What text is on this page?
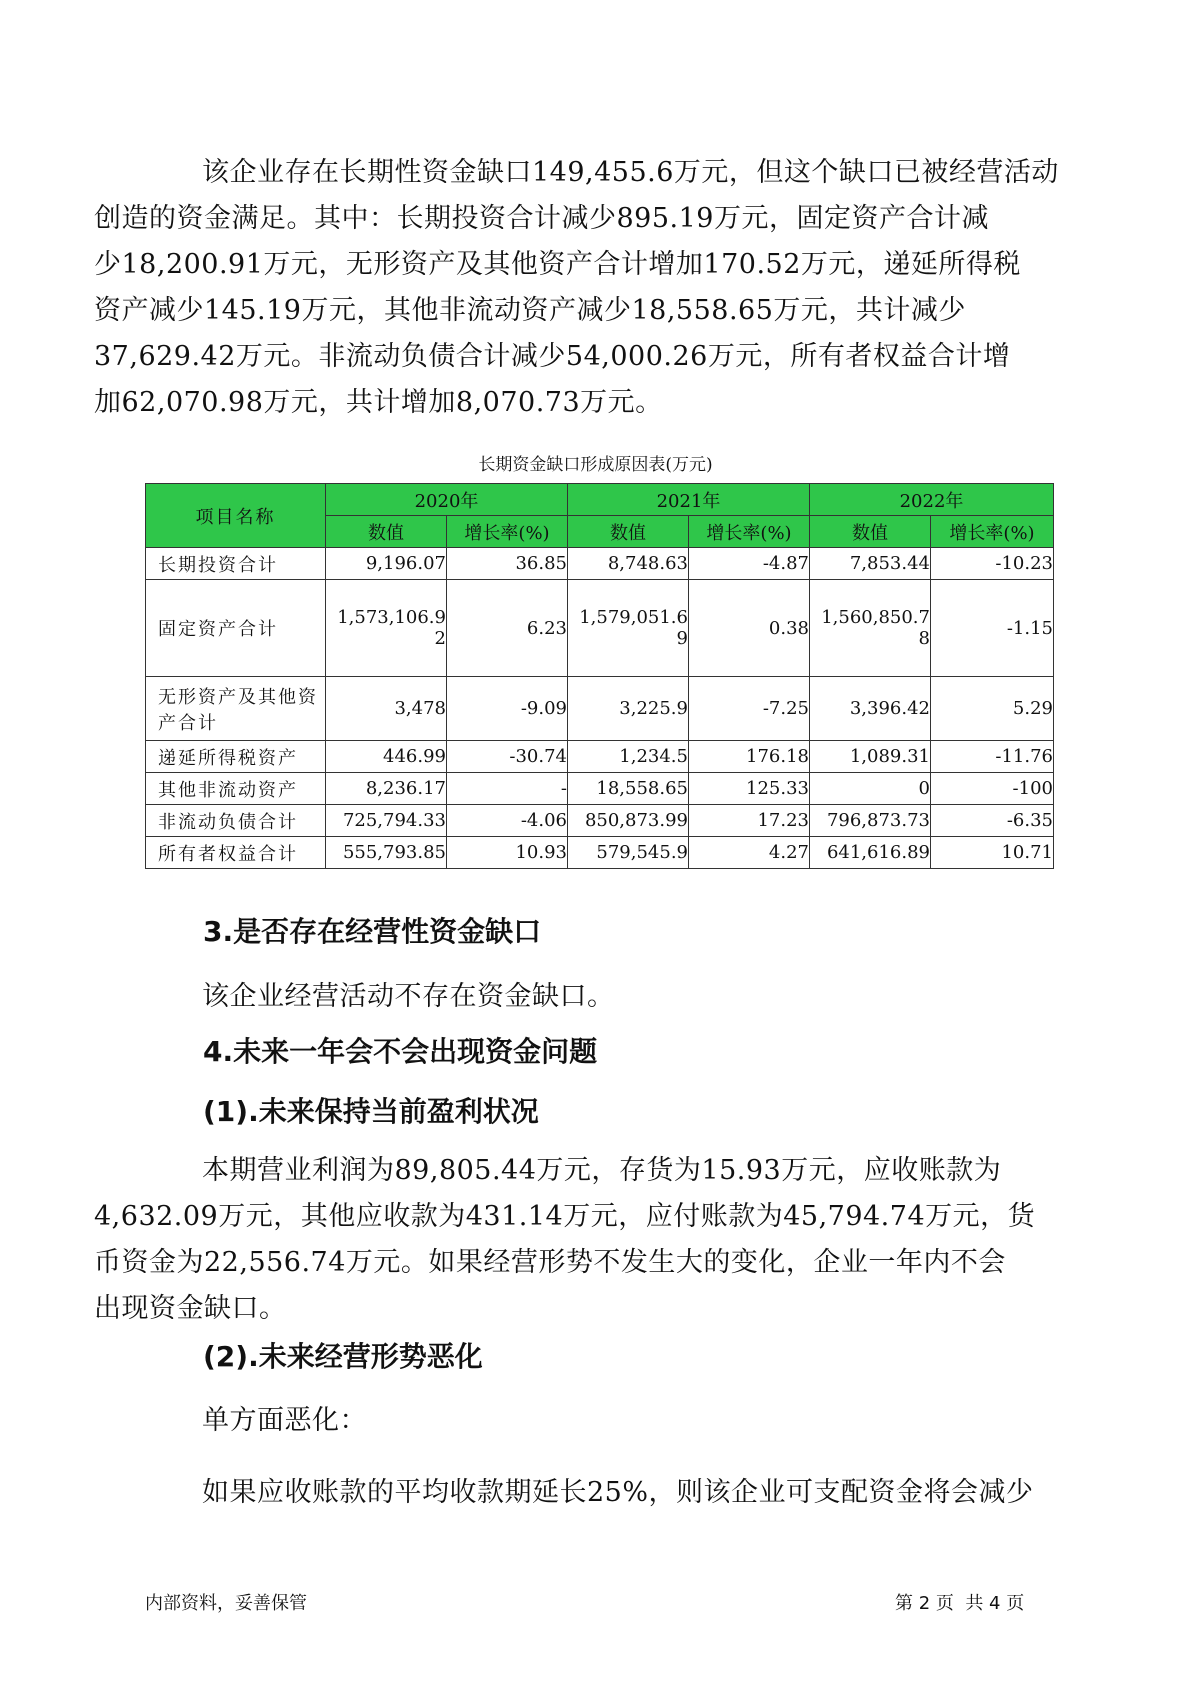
该企业存在长期性资金缺口149,455.6万元，但这个缺口已被经营活动
创造的资金满足。其中：长期投资合计减少895.19万元，固定资产合计减
少18,200.91万元，无形资产及其他资产合计增加170.52万元，递延所得税
资产减少145.19万元，其他非流动资产减少18,558.65万元，共计减少
37,629.42万元。非流动负债合计减少54,000.26万元，所有者权益合计增
加62,070.98万元，共计增加8,070.73万元。

长期资金缺口形成原因表(万元)
项目名称	2020年		2021年		2022年	
	数值	增长率(%)	数值	增长率(%)	数值	增长率(%)
长期投资合计	9,196.07	36.85	8,748.63	-4.87	7,853.44	-10.23
固定资产合计	1,573,106.92	6.23	1,579,051.69	0.38	1,560,850.78	-1.15
无形资产及其他资产合计	3,478	-9.09	3,225.9	-7.25	3,396.42	5.29
递延所得税资产	446.99	-30.74	1,234.5	176.18	1,089.31	-11.76
其他非流动资产	8,236.17	-	18,558.65	125.33	0	-100
非流动负债合计	725,794.33	-4.06	850,873.99	17.23	796,873.73	-6.35
所有者权益合计	555,793.85	10.93	579,545.9	4.27	641,616.89	10.71
3.是否存在经营性资金缺口

该企业经营活动不存在资金缺口。

4.未来一年会不会出现资金问题
(1).未来保持当前盈利状况

本期营业利润为89,805.44万元，存货为15.93万元，应收账款为
4,632.09万元，其他应收款为431.14万元，应付账款为45,794.74万元，货
币资金为22,556.74万元。如果经营形势不发生大的变化，企业一年内不会
出现资金缺口。

(2).未来经营形势恶化

单方面恶化：

如果应收账款的平均收款期延长25%，则该企业可支配资金将会减少

内部资料，妥善保管	第 2 页  共 4 页
